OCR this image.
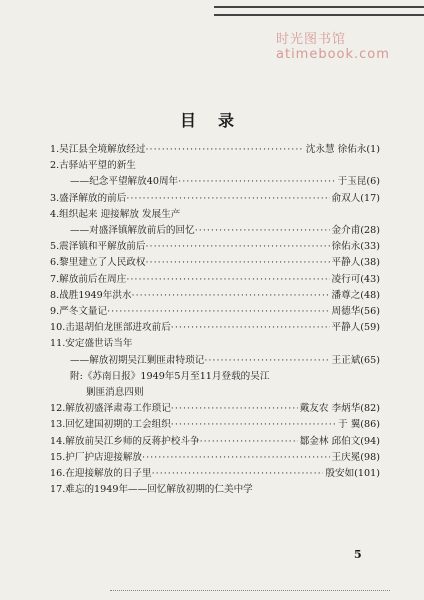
时光图书馆 atimebook.com
目录
1.吴江县全境解放经过 ·····	沈永慧 徐佑永(1)
2.古驿站平望的新生
——纪念平望解放40周年 ·····	于玉昆(6)
3.盛泽解放的前后 ·····	俞双人(17)
4.组织起来 迎接解放 发展生产
——对盛泽镇解放前后的回忆 ·····	金介甫(28)
5.震泽镇和平解放前后 ·····	徐佑永(33)
6.黎里建立了人民政权 ·····	平静人(38)
7.解放前后在周庄 ·····	凌行可(43)
8.战胜1949年洪水 ·····	潘尊之(48)
9.严冬文量记 ·····	周德华(56)
10.击退胡伯龙匪部进攻前后 ·····	平静人(59)
11.安定盛世话当年
——解放初期吴江剿匪肃特琐记 ·····	王正斌(65)
附:《苏南日报》1949年5月至11月登载的吴江
剿匪消息四则
12.解放初盛泽肃毒工作琐记 ·····	戴友农 李炳华(82)
13.回忆建国初期的工会组织 ·····	于 翼(86)
14.解放前吴江乡师的反蒋护校斗争 ·····	鄒金林 邱伯文(94)
15.护厂护店迎接解放 ·····	王庆冕(98)
16.在迎接解放的日子里 ·····	殷安如(101)
17.难忘的1949年——回忆解放初期的仁美中学
5
